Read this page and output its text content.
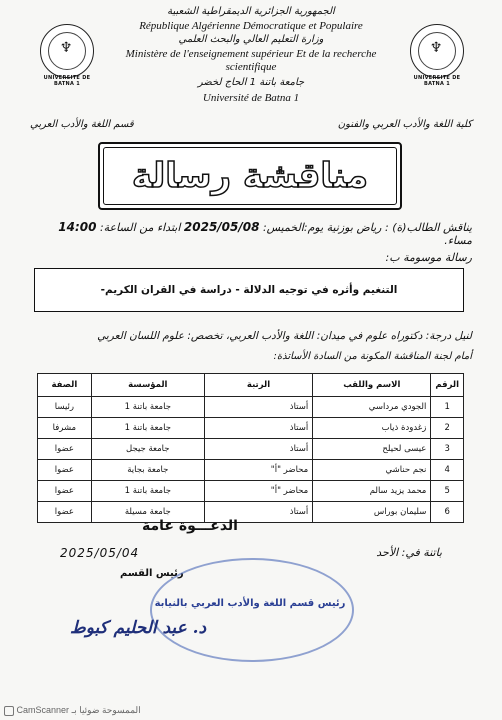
الجمهورية الجزائرية الديمقراطية الشعبية
République Algérienne Démocratique et Populaire
وزارة التعليم العالي والبحث العلمي
Ministère de l'enseignement supérieur Et de la recherche
scientifique
جامعة باتنة 1 الحاج لخضر
Université de Batna 1
♆
UNIVERSITE DE BATNA 1
♆
UNIVERSITE DE BATNA 1
قسم اللغة والأدب العربي	كلية اللغة والأدب العربي والفنون
مناقشة رسالة
يناقش الطالب(ة) : رياض بوزنية يوم:الخميس: 2025/05/08 ابتداء من الساعة: 14:00 مساء.
رسالة موسومة ب:
التنغيم وأثره في توجيه الدلالة - دراسة في القران الكريم-
لنيل درجة: دكتوراه علوم في ميدان: اللغة والأدب العربي، تخصص: علوم اللسان العربي
أمام لجنة المناقشة المكونة من السادة الأساتذة:
الرقم	الاسم واللقب	الرتبة	المؤسسة	الصفة
1	الجودي مرداسي	أستاذ	جامعة باتنة 1	رئيسا
2	زغدودة ذياب	أستاذ	جامعة باتنة 1	مشرفا
3	عيسى لحيلح	أستاذ	جامعة جيجل	عضوا
4	نجم حناشي	محاضر "أ"	جامعة بجاية	عضوا
5	محمد يزيد سالم	محاضر "أ"	جامعة باتنة 1	عضوا
6	سليمان بوراس	أستاذ	جامعة مسيلة	عضوا
الدعـــوة عامة
باتنة في: الأحد
2025/05/04
رئيس القسم
رئيس قسم اللغة والأدب العربي بالنيابة
د. عبد الحليم كبوط
CamScanner الممسوحة ضوئيا بـ
